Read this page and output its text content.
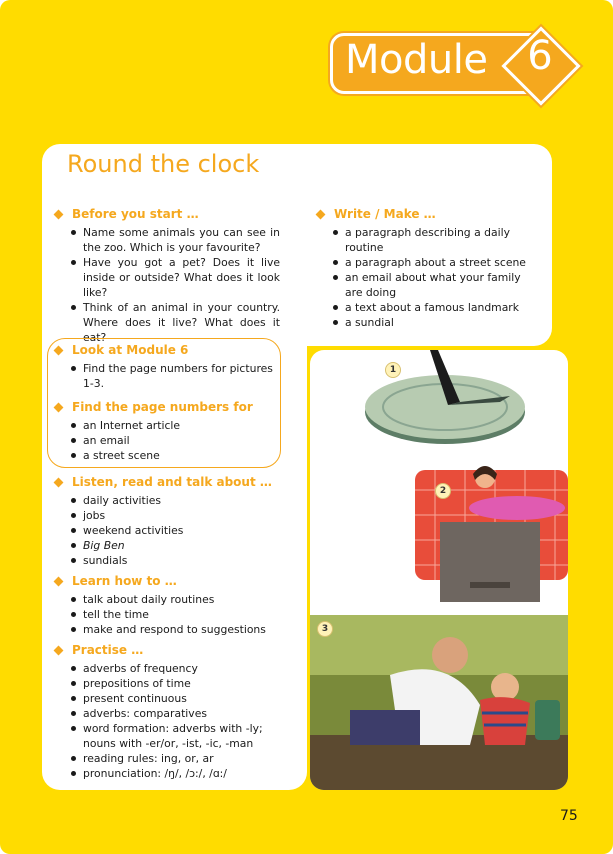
Module 6
Round the clock
Before you start …
Name some animals you can see in the zoo. Which is your favourite?
Have you got a pet? Does it live inside or outside? What does it look like?
Think of an animal in your country. Where does it live? What does it eat?
Write / Make …
a paragraph describing a daily routine
a paragraph about a street scene
an email about what your family are doing
a text about a famous landmark
a sundial
Look at Module 6
Find the page numbers for pictures 1-3.
Find the page numbers for
an Internet article
an email
a street scene
Listen, read and talk about …
daily activities
jobs
weekend activities
Big Ben
sundials
Learn how to …
talk about daily routines
tell the time
make and respond to suggestions
Practise …
adverbs of frequency
prepositions of time
present continuous
adverbs: comparatives
word formation: adverbs with -ly; nouns with -er/or, -ist, -ic, -man
reading rules: ing, or, ar
pronunciation: /ŋ/, /ɔ:/, /ɑ:/
1
2
3
75
